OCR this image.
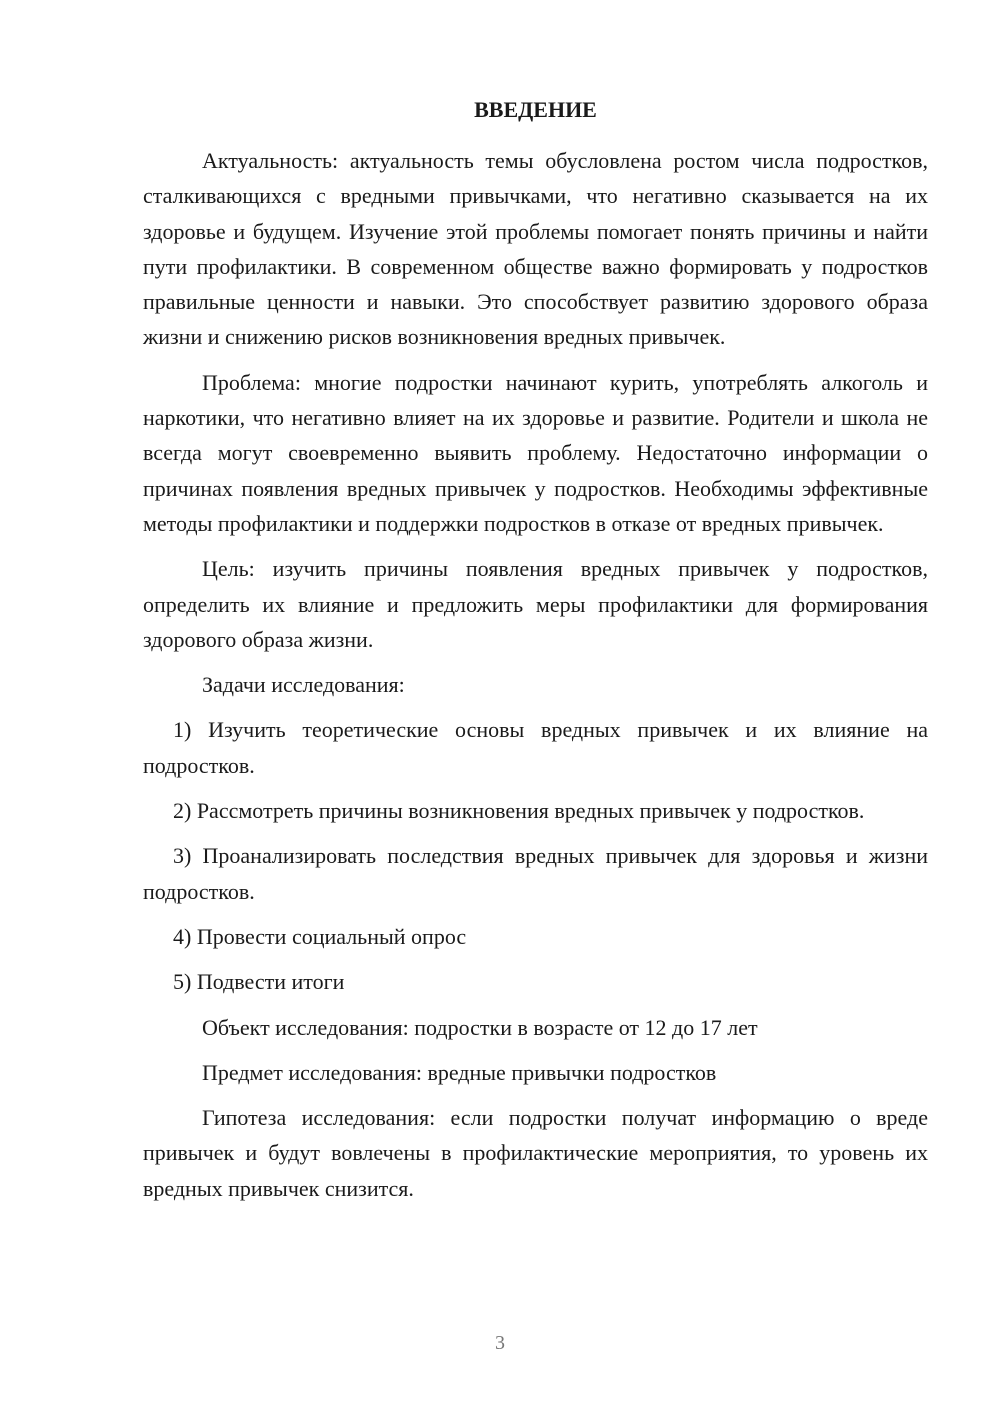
ВВЕДЕНИЕ
Актуальность: актуальность темы обусловлена ростом числа подростков, сталкивающихся с вредными привычками, что негативно сказывается на их здоровье и будущем. Изучение этой проблемы помогает понять причины и найти пути профилактики. В современном обществе важно формировать у подростков правильные ценности и навыки. Это способствует развитию здорового образа жизни и снижению рисков возникновения вредных привычек.
Проблема: многие подростки начинают курить, употреблять алкоголь и наркотики, что негативно влияет на их здоровье и развитие. Родители и школа не всегда могут своевременно выявить проблему. Недостаточно информации о причинах появления вредных привычек у подростков. Необходимы эффективные методы профилактики и поддержки подростков в отказе от вредных привычек.
Цель: изучить причины появления вредных привычек у подростков, определить их влияние и предложить меры профилактики для формирования здорового образа жизни.
Задачи исследования:
1) Изучить теоретические основы вредных привычек и их влияние на подростков.
2) Рассмотреть причины возникновения вредных привычек у подростков.
3) Проанализировать последствия вредных привычек для здоровья и жизни подростков.
4) Провести социальный опрос
5) Подвести итоги
Объект исследования: подростки в возрасте от 12 до 17 лет
Предмет исследования: вредные привычки подростков
Гипотеза исследования: если подростки получат информацию о вреде привычек и будут вовлечены в профилактические мероприятия, то уровень их вредных привычек снизится.
3
